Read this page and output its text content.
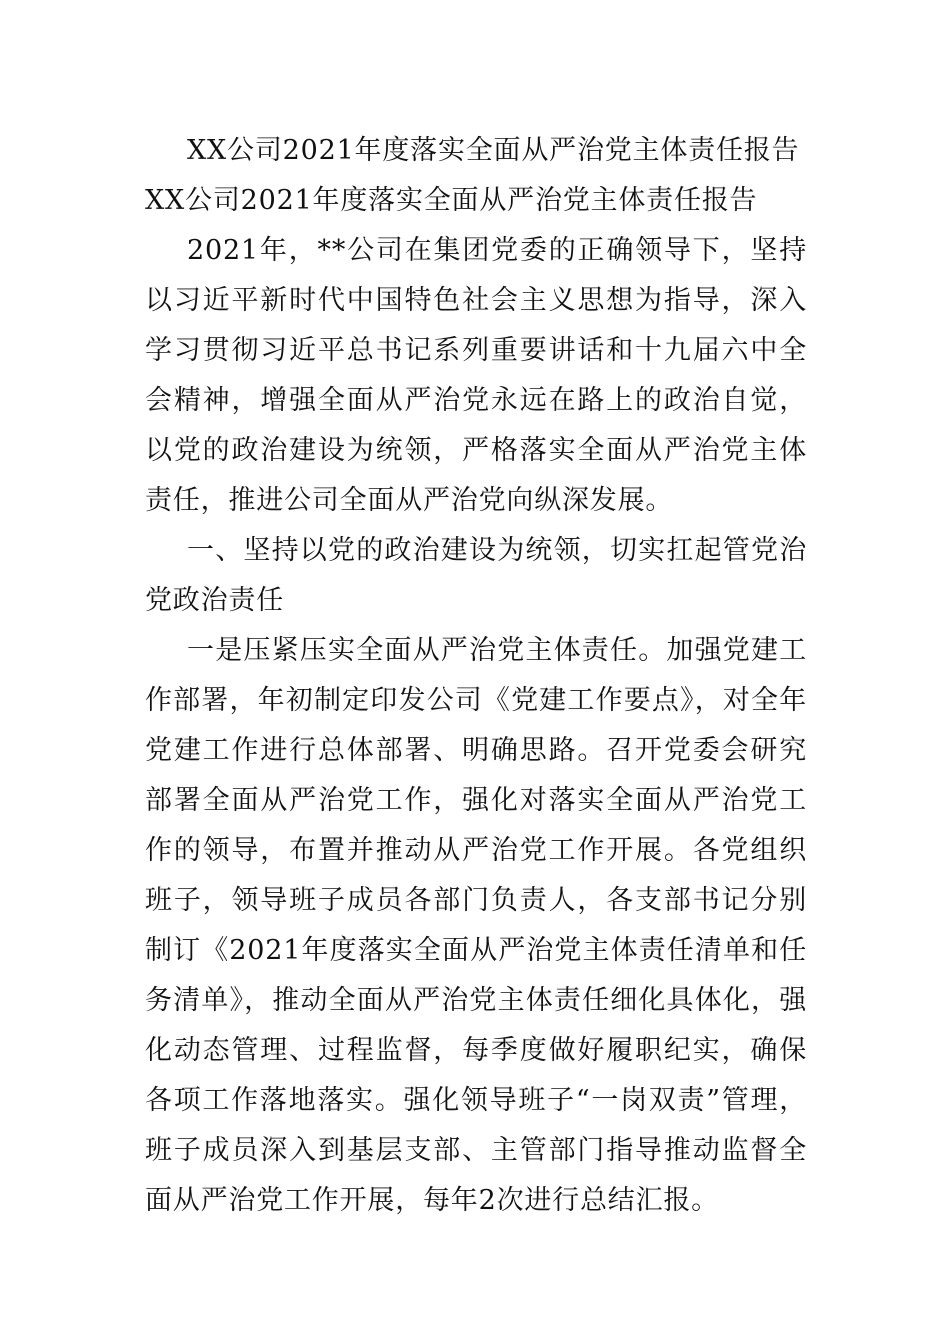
XX公司2021年度落实全面从严治党主体责任报告

XX公司2021年度落实全面从严治党主体责任报告

2021年，**公司在集团党委的正确领导下，坚持以习近平新时代中国特色社会主义思想为指导，深入学习贯彻习近平总书记系列重要讲话和十九届六中全会精神，增强全面从严治党永远在路上的政治自觉，以党的政治建设为统领，严格落实全面从严治党主体责任，推进公司全面从严治党向纵深发展。

一、坚持以党的政治建设为统领，切实扛起管党治党政治责任

一是压紧压实全面从严治党主体责任。加强党建工作部署，年初制定印发公司《党建工作要点》，对全年党建工作进行总体部署、明确思路。召开党委会研究部署全面从严治党工作，强化对落实全面从严治党工作的领导，布置并推动从严治党工作开展。各党组织班子，领导班子成员各部门负责人，各支部书记分别制订《2021年度落实全面从严治党主体责任清单和任务清单》，推动全面从严治党主体责任细化具体化，强化动态管理、过程监督，每季度做好履职纪实，确保各项工作落地落实。强化领导班子“一岗双责”管理，班子成员深入到基层支部、主管部门指导推动监督全面从严治党工作开展，每年2次进行总结汇报。
